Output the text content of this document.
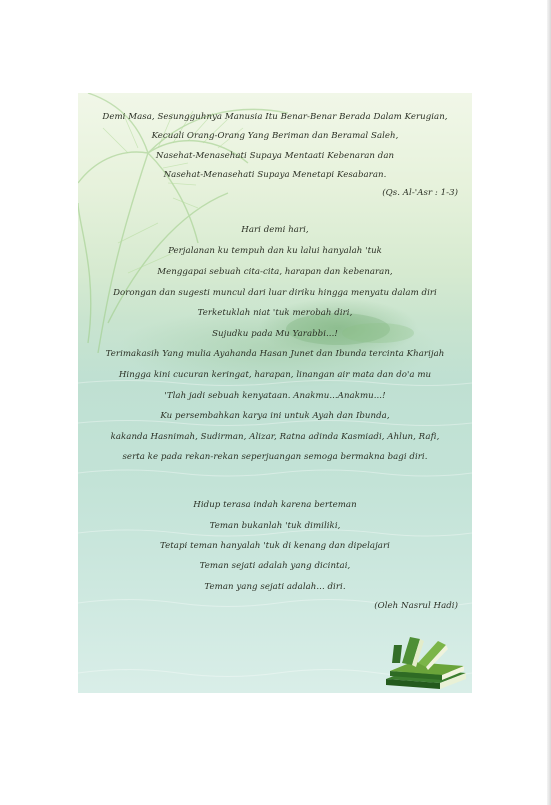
Demi Masa, Sesungguhnya Manusia Itu Benar-Benar Berada Dalam Kerugian,
Kecuali Orang-Orang Yang Beriman dan Beramal Saleh,
Nasehat-Menasehati Supaya Mentaati Kebenaran dan
Nasehat-Menasehati Supaya Menetapi Kesabaran.
(Qs. Al-'Asr : 1-3)
Hari demi hari,
Perjalanan ku tempuh dan ku lalui hanyalah 'tuk
Menggapai sebuah cita-cita, harapan dan kebenaran,
Dorongan dan sugesti muncul dari luar diriku hingga menyatu dalam diri
Terketuklah niat 'tuk merobah diri,
Sujudku pada Mu Yarabbi...!
Terimakasih Yang mulia Ayahanda Hasan Junet dan Ibunda tercinta Kharijah
Hingga kini cucuran keringat, harapan, linangan air mata dan do'a mu
'Tlah jadi sebuah kenyataan. Anakmu...Anakmu...!
Ku persembahkan karya ini untuk Ayah dan Ibunda,
kakanda Hasnimah, Sudirman, Alizar, Ratna adinda Kasmiadi, Ahlun, Rafi,
serta ke pada rekan-rekan seperjuangan semoga bermakna bagi diri.
Hidup terasa indah karena berteman
Teman bukanlah 'tuk dimiliki,
Tetapi teman hanyalah 'tuk di kenang dan dipelajari
Teman sejati adalah yang dicintai,
Teman yang sejati adalah... diri.
(Oleh Nasrul Hadi)
